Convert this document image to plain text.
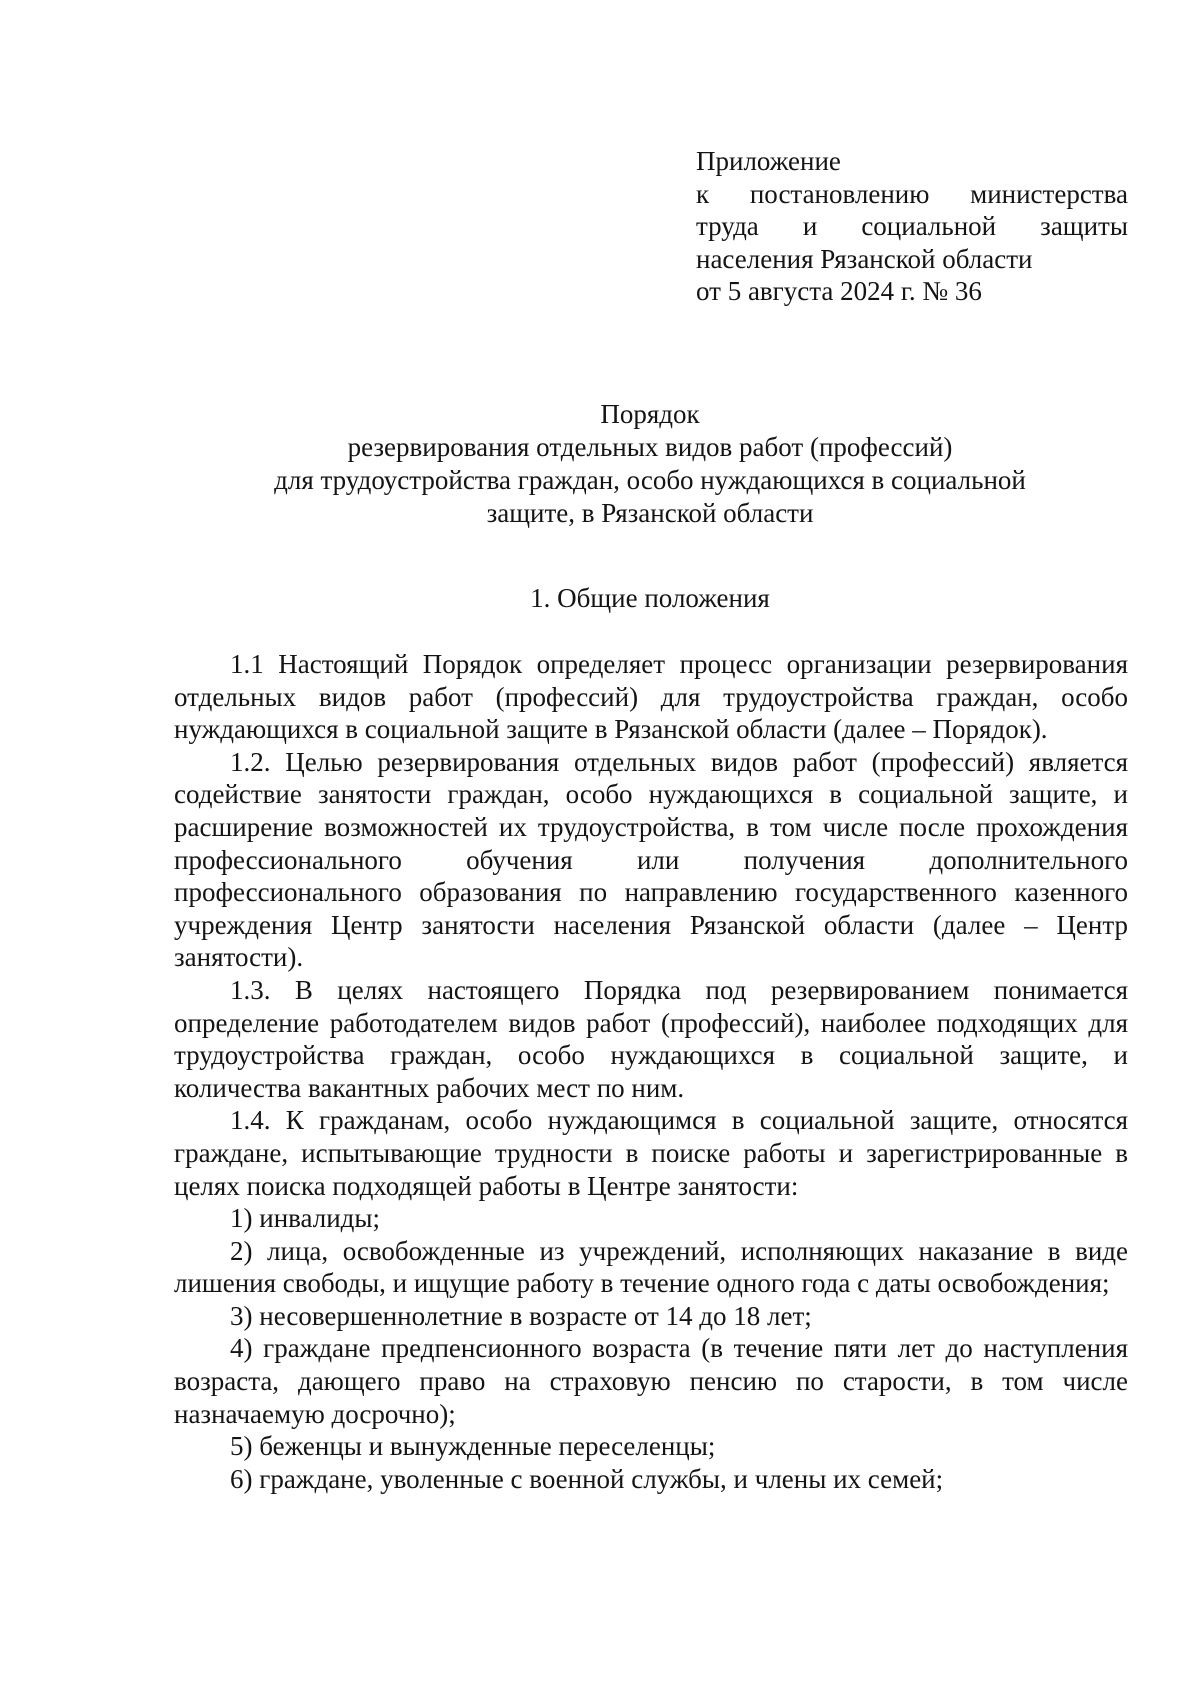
Приложение
к постановлению министерства
труда и социальной защиты
населения Рязанской области
от 5 августа 2024 г. № 36
Порядок
резервирования отдельных видов работ (профессий)
для трудоустройства граждан, особо нуждающихся в социальной
защите, в Рязанской области
1. Общие положения

1.1 Настоящий Порядок определяет процесс организации резервирования отдельных видов работ (профессий) для трудоустройства граждан, особо нуждающихся в социальной защите в Рязанской области (далее – Порядок).

1.2. Целью резервирования отдельных видов работ (профессий) является содействие занятости граждан, особо нуждающихся в социальной защите, и расширение возможностей их трудоустройства, в том числе после прохождения профессионального обучения или получения дополнительного профессионального образования по направлению государственного казенного учреждения Центр занятости населения Рязанской области (далее – Центр занятости).

1.3. В целях настоящего Порядка под резервированием понимается определение работодателем видов работ (профессий), наиболее подходящих для трудоустройства граждан, особо нуждающихся в социальной защите, и количества вакантных рабочих мест по ним.

1.4. К гражданам, особо нуждающимся в социальной защите, относятся граждане, испытывающие трудности в поиске работы и зарегистрированные в целях поиска подходящей работы в Центре занятости:

1) инвалиды;

2) лица, освобожденные из учреждений, исполняющих наказание в виде лишения свободы, и ищущие работу в течение одного года с даты освобождения;

3) несовершеннолетние в возрасте от 14 до 18 лет;

4) граждане предпенсионного возраста (в течение пяти лет до наступления возраста, дающего право на страховую пенсию по старости, в том числе назначаемую досрочно);

5) беженцы и вынужденные переселенцы;

6) граждане, уволенные с военной службы, и члены их семей;
